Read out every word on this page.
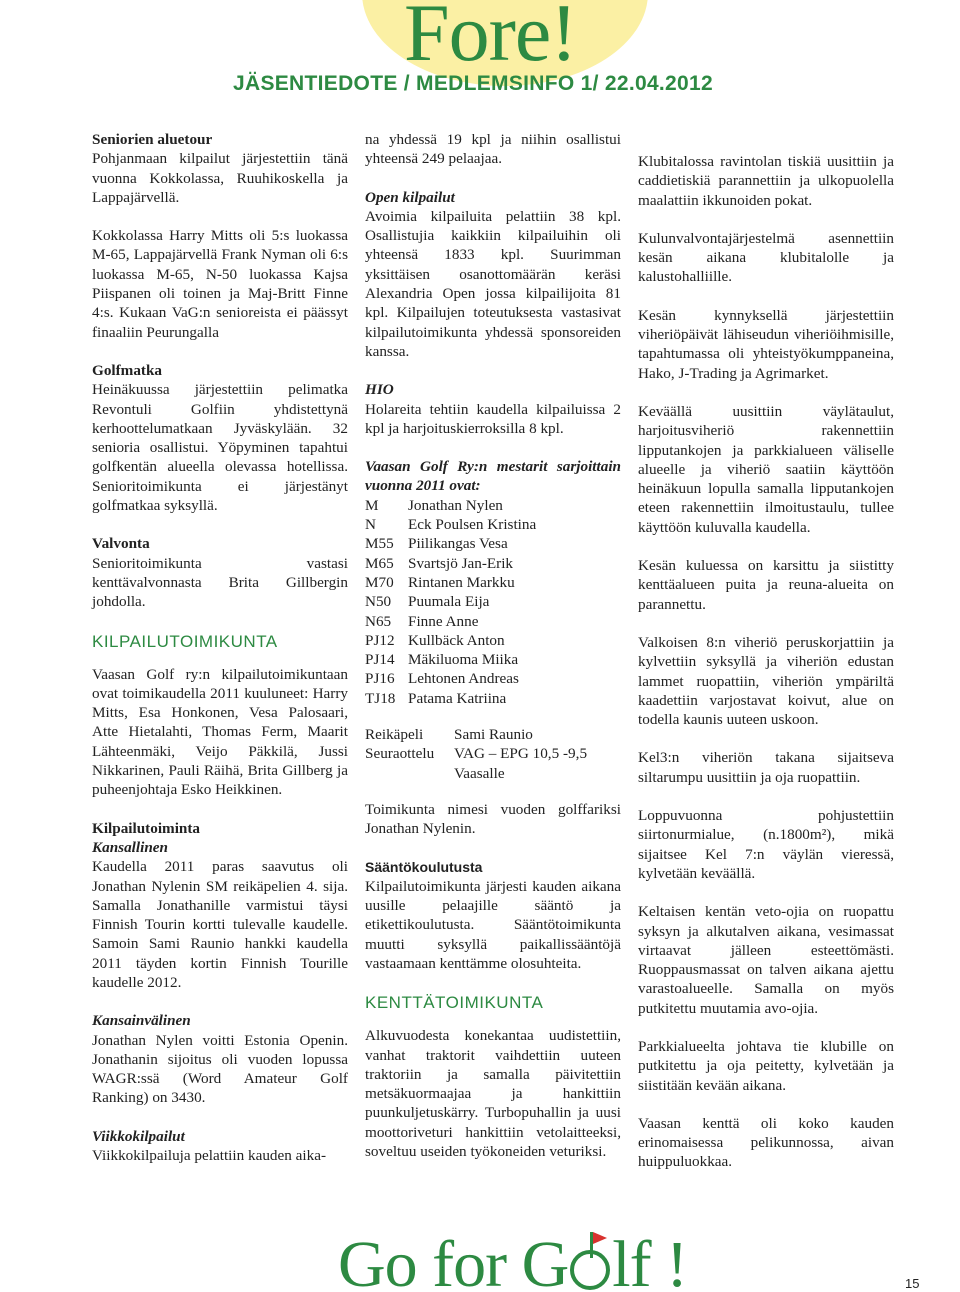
Fore!
JÄSENTIEDOTE / MEDLEMSINFO 1/ 22.04.2012
Seniorien aluetour

Pohjanmaan kilpailut järjestettiin tänä vuonna Kokkolassa, Ruuhikoskella ja Lappajärvellä.

Kokkolassa Harry Mitts oli 5:s luokassa M-65, Lappajärvellä Frank Nyman oli 6:s luokassa M-65, N-50 luokassa Kajsa Piispanen oli toinen ja Maj-Britt Finne 4:s. Kukaan VaG:n senioreista ei päässyt finaaliin Peurungalla

Golfmatka

Heinäkuussa järjestettiin pelimatka Revontuli Golfiin yhdistettynä kerhoottelumatkaan Jyväskylään. 32 senioria osallistui. Yöpyminen tapahtui golfkentän alueella olevassa hotellissa. Senioritoimikunta ei järjestänyt golfmatkaa syksyllä.

Valvonta

Senioritoimikunta vastasi kenttävalvonnasta Brita Gillbergin johdolla.

KILPAILUTOIMIKUNTA

Vaasan Golf ry:n kilpailutoimikuntaan ovat toimikaudella 2011 kuuluneet: Harry Mitts, Esa Honkonen, Vesa Palosaari, Atte Hietalahti, Thomas Ferm, Maarit Lähteenmäki, Veijo Päkkilä, Jussi Nikkarinen, Pauli Räihä, Brita Gillberg ja puheenjohtaja Esko Heikkinen.

Kilpailutoiminta
Kansallinen

Kaudella 2011 paras saavutus oli Jonathan Nylenin SM reikäpelien 4. sija. Samalla Jonathanille varmistui täysi Finnish Tourin kortti tulevalle kaudelle. Samoin Sami Raunio hankki kaudella 2011 täyden kortin Finnish Tourille kaudelle 2012.

Kansainvälinen

Jonathan Nylen voitti Estonia Openin. Jonathanin sijoitus oli vuoden lopussa WAGR:ssä (Word Amateur Golf Ranking) on 3430.

Viikkokilpailut

Viikkokilpailuja pelattiin kauden aika-

na yhdessä 19 kpl ja niihin osallistui yhteensä 249 pelaajaa.

Open kilpailut

Avoimia kilpailuita pelattiin 38 kpl. Osallistujia kaikkiin kilpailuihin oli yhteensä 1833 kpl. Suurimman yksittäisen osanottomäärän keräsi Alexandria Open jossa kilpailijoita 81 kpl. Kilpailujen toteutuksesta vastasivat kilpailutoimikunta yhdessä sponsoreiden kanssa.

HIO

Holareita tehtiin kaudella kilpailuissa 2 kpl ja harjoituskierroksilla 8 kpl.

Vaasan Golf Ry:n mestarit sarjoittain vuonna 2011 ovat:
M	Jonathan Nylen
N	Eck Poulsen Kristina
M55	Piilikangas Vesa
M65	Svartsjö Jan-Erik
M70	Rintanen Markku
N50	Puumala Eija
N65	Finne Anne
PJ12	Kullbäck Anton
PJ14	Mäkiluoma Miika
PJ16	Lehtonen Andreas
TJ18	Patama Katriina
Reikäpeli	Sami Raunio
Seuraottelu	VAG – EPG 10,5 -9,5 Vaasalle

Toimikunta nimesi vuoden golffariksi Jonathan Nylenin.

Sääntökoulutusta

Kilpailutoimikunta järjesti kauden aikana uusille pelaajille sääntö ja etikettikoulutusta. Sääntötoimikunta muutti syksyllä paikallissääntöjä vastaamaan kenttämme olosuhteita.

KENTTÄTOIMIKUNTA

Alkuvuodesta konekantaa uudistettiin, vanhat traktorit vaihdettiin uuteen traktoriin ja samalla päivitettiin metsäkuormaajaa ja hankittiin puunkuljetuskärry. Turbopuhallin ja uusi moottoriveturi hankittiin vetolaitteeksi, soveltuu useiden työkoneiden veturiksi.

Klubitalossa ravintolan tiskiä uusittiin ja caddietiskiä parannettiin ja ulkopuolella maalattiin ikkunoiden pokat.

Kulunvalvontajärjestelmä asennettiin kesän aikana klubitalolle ja kalustohalliille.

Kesän kynnyksellä järjestettiin viheriöpäivät lähiseudun viheriöihmisille, tapahtumassa oli yhteistyökumppaneina, Hako, J-Trading ja Agrimarket.

Keväällä uusittiin väylätaulut, harjoitusviheriö rakennettiin lipputankojen ja parkkialueen väliselle alueelle ja viheriö saatiin käyttöön heinäkuun lopulla samalla lipputankojen eteen rakennettiin ilmoitustaulu, tullee käyttöön kuluvalla kaudella.

Kesän kuluessa on karsittu ja siistitty kenttäalueen puita ja reuna-alueita on parannettu.

Valkoisen 8:n viheriö peruskorjattiin ja kylvettiin syksyllä ja viheriön edustan lammet ruopattiin, viheriön ympäriltä kaadettiin varjostavat koivut, alue on todella kaunis uuteen uskoon.

Kel3:n viheriön takana sijaitseva siltarumpu uusittiin ja oja ruopattiin.

Loppuvuonna pohjustettiin siirtonurmialue, (n.1800m²), mikä sijaitsee Kel 7:n väylän vieressä, kylvetään keväällä.

Keltaisen kentän veto-ojia on ruopattu syksyn ja alkutalven aikana, vesimassat virtaavat jälleen esteettömästi. Ruoppausmassat on talven aikana ajettu varastoalueelle. Samalla on myös putkitettu muutamia avo-ojia.

Parkkialueelta johtava tie klubille on putkitettu ja oja peitetty, kylvetään ja siistitään kevään aikana.

Vaasan kenttä oli koko kauden erinomaisessa pelikunnossa, aivan huippuluokkaa.

Go for G lf !	15
